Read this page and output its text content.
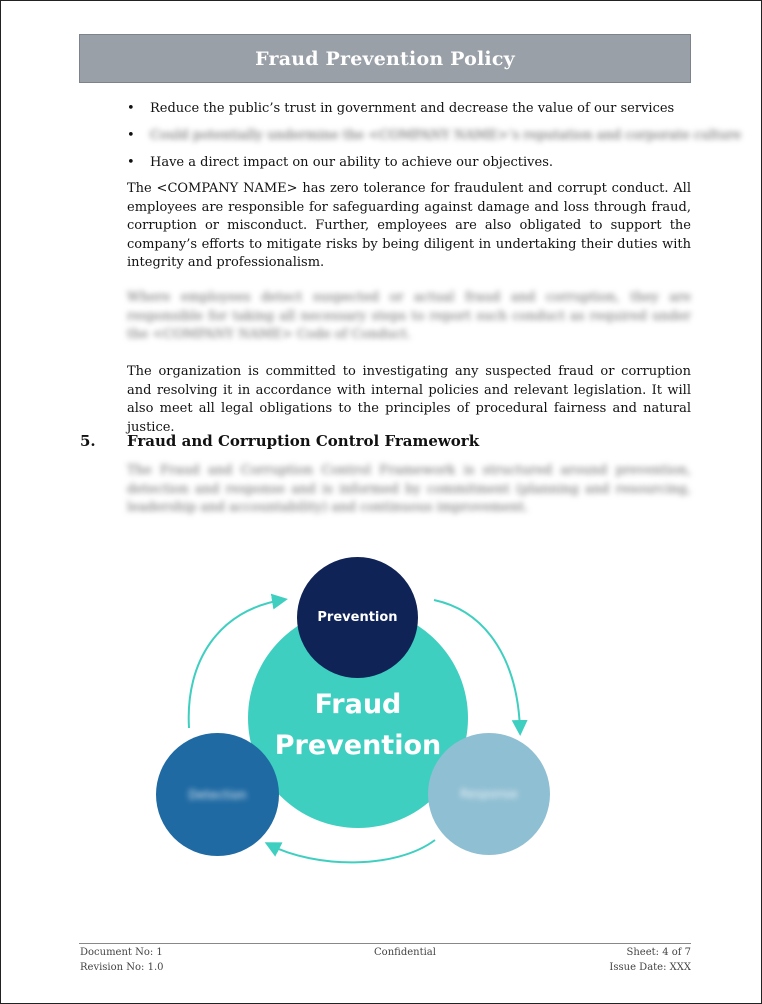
Fraud Prevention Policy
• Reduce the public’s trust in government and decrease the value of our services
• Could potentially undermine the <COMPANY NAME>’s reputation and corporate culture
• Have a direct impact on our ability to achieve our objectives.

The <COMPANY NAME> has zero tolerance for fraudulent and corrupt conduct. All employees are responsible for safeguarding against damage and loss through fraud, corruption or misconduct. Further, employees are also obligated to support the company’s efforts to mitigate risks by being diligent in undertaking their duties with integrity and professionalism.

Where employees detect suspected or actual fraud and corruption, they are responsible for taking all necessary steps to report such conduct as required under the <COMPANY NAME> Code of Conduct.

The organization is committed to investigating any suspected fraud or corruption and resolving it in accordance with internal policies and relevant legislation. It will also meet all legal obligations to the principles of procedural fairness and natural justice.

5. Fraud and Corruption Control Framework

The Fraud and Corruption Control Framework is structured around prevention, detection and response and is informed by commitment (planning and resourcing, leadership and accountability) and continuous improvement.

Fraud
Prevention
Prevention
Detection	Response
Document No: 1
Revision No: 1.0
Confidential	Sheet: 4 of 7
Issue Date: XXX
